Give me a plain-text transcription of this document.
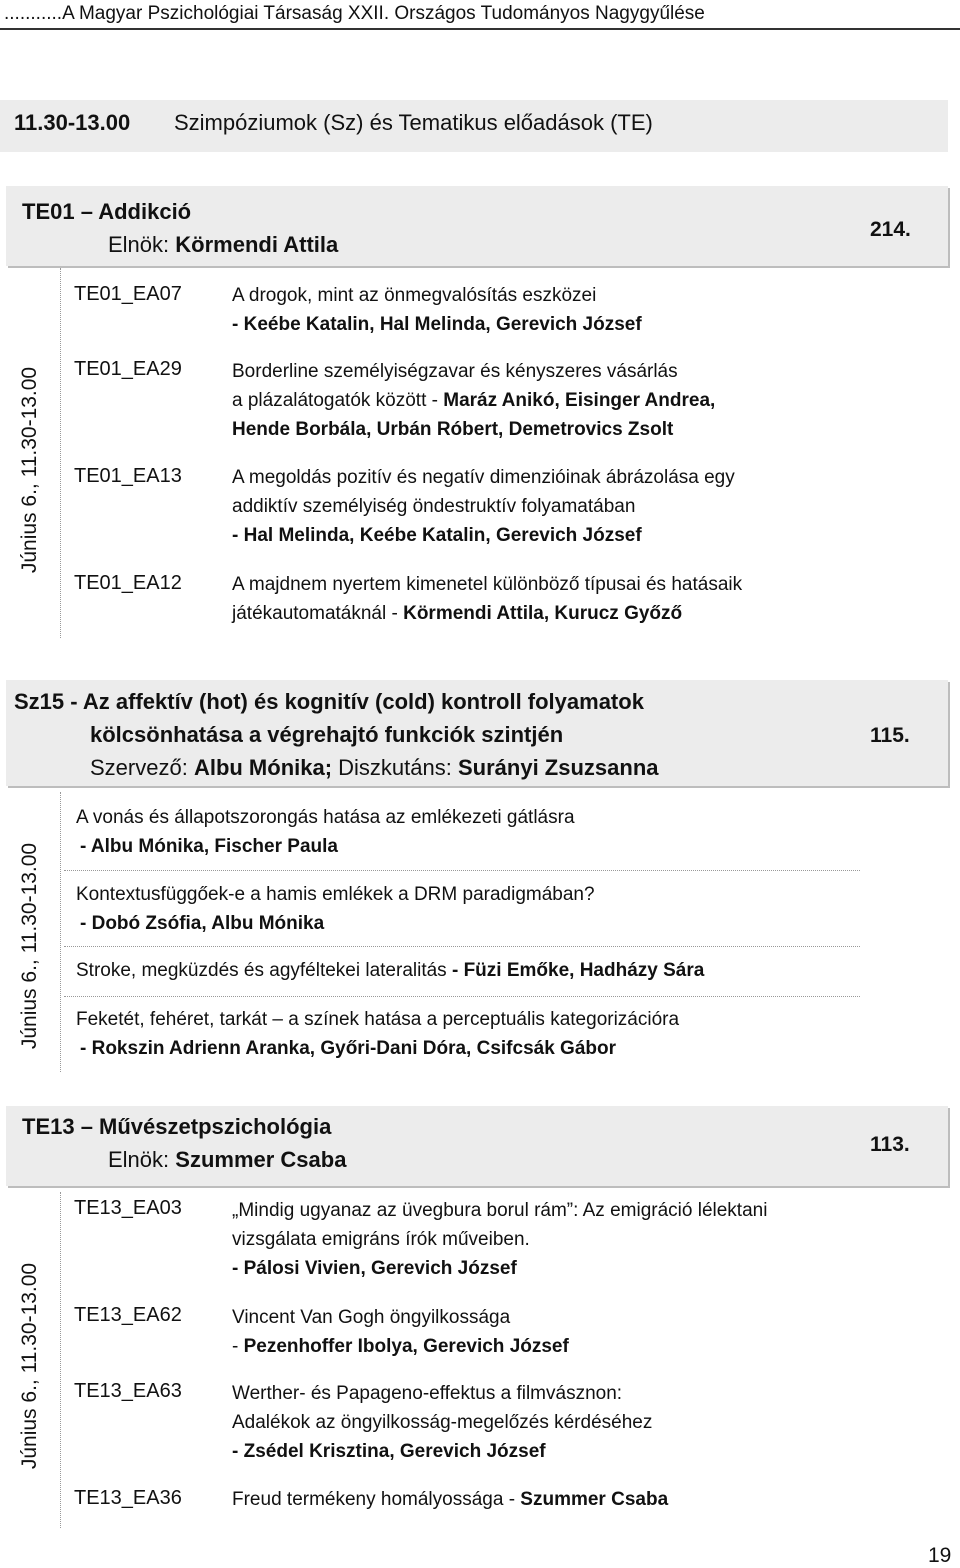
...........A Magyar Pszichológiai Társaság XXII. Országos Tudományos Nagygyűlése
11.30-13.00 Szimpóziumok (Sz) és Tematikus előadások (TE)
TE01 – Addikció
Elnök: Körmendi Attila
214.
Június 6., 11.30-13.00
TE01_EA07	A drogok, mint az önmegvalósítás eszközei
- Keébe Katalin, Hal Melinda, Gerevich József
TE01_EA29	Borderline személyiségzavar és kényszeres vásárlás
a plázalátogatók között - Maráz Anikó, Eisinger Andrea,
Hende Borbála, Urbán Róbert, Demetrovics Zsolt
TE01_EA13	A megoldás pozitív és negatív dimenzióinak ábrázolása egy
addiktív személyiség öndestruktív folyamatában
- Hal Melinda, Keébe Katalin, Gerevich József
TE01_EA12	A majdnem nyertem kimenetel különböző típusai és hatásaik
játékautomatáknál - Körmendi Attila, Kurucz Győző
Sz15 - Az affektív (hot) és kognitív (cold) kontroll folyamatok
kölcsönhatása a végrehajtó funkciók szintjén
Szervező: Albu Mónika; Diszkutáns: Surányi Zsuzsanna
115.
Június 6., 11.30-13.00
A vonás és állapotszorongás hatása az emlékezeti gátlásra
- Albu Mónika, Fischer Paula
Kontextusfüggőek-e a hamis emlékek a DRM paradigmában?
- Dobó Zsófia, Albu Mónika
Stroke, megküzdés és agyféltekei lateralitás - Füzi Emőke, Hadházy Sára
Feketét, fehéret, tarkát – a színek hatása a perceptuális kategorizációra
- Rokszin Adrienn Aranka, Győri-Dani Dóra, Csifcsák Gábor
TE13 – Művészetpszichológia
Elnök: Szummer Csaba
113.
Június 6., 11.30-13.00
TE13_EA03	„Mindig ugyanaz az üvegbura borul rám”: Az emigráció lélektani
vizsgálata emigráns írók műveiben.
- Pálosi Vivien, Gerevich József
TE13_EA62	Vincent Van Gogh öngyilkossága
- Pezenhoffer Ibolya, Gerevich József
TE13_EA63	Werther- és Papageno-effektus a filmvásznon:
Adalékok az öngyilkosság-megelőzés kérdéséhez
- Zsédel Krisztina, Gerevich József
TE13_EA36	Freud termékeny homályossága - Szummer Csaba
19
